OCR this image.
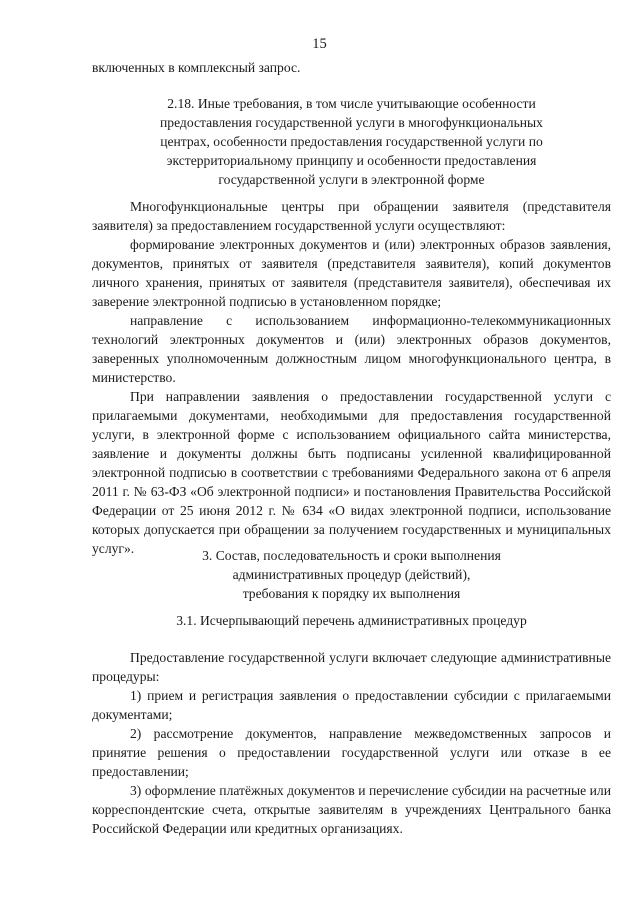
15

включенных в комплексный запрос.

2.18. Иные требования, в том числе учитывающие особенности

предоставления государственной услуги в многофункциональных

центрах, особенности предоставления государственной услуги по

экстерриториальному принципу и особенности предоставления

государственной услуги в электронной форме

Многофункциональные центры при обращении заявителя (представителя заявителя) за предоставлением государственной услуги осуществляют:

формирование электронных документов и (или) электронных образов заявления, документов, принятых от заявителя (представителя заявителя), копий документов личного хранения, принятых от заявителя (представителя заявителя), обеспечивая их заверение электронной подписью в установленном порядке;

направление с использованием информационно-телекоммуникационных технологий электронных документов и (или) электронных образов документов, заверенных уполномоченным должностным лицом многофункционального центра, в министерство.

При направлении заявления о предоставлении государственной услуги с прилагаемыми документами, необходимыми для предоставления государственной услуги, в электронной форме с использованием официального сайта министерства, заявление и документы должны быть подписаны усиленной квалифицированной электронной подписью в соответствии с требованиями Федерального закона от 6 апреля 2011 г. № 63-ФЗ «Об электронной подписи» и постановления Правительства Российской Федерации от 25 июня 2012 г. № 634 «О видах электронной подписи, использование которых допускается при обращении за получением государственных и муниципальных услуг».	3. Состав, последовательность и сроки выполнения

административных процедур (действий),

требования к порядку их выполнения

3.1. Исчерпывающий перечень административных процедур

Предоставление государственной услуги включает следующие административные процедуры:

1) прием и регистрация заявления о предоставлении субсидии с прилагаемыми документами;

2) рассмотрение документов, направление межведомственных запросов и принятие решения о предоставлении государственной услуги или отказе в ее предоставлении;

3) оформление платёжных документов и перечисление субсидии на расчетные или корреспондентские счета, открытые заявителям в учреждениях Центрального банка Российской Федерации или кредитных организациях.
